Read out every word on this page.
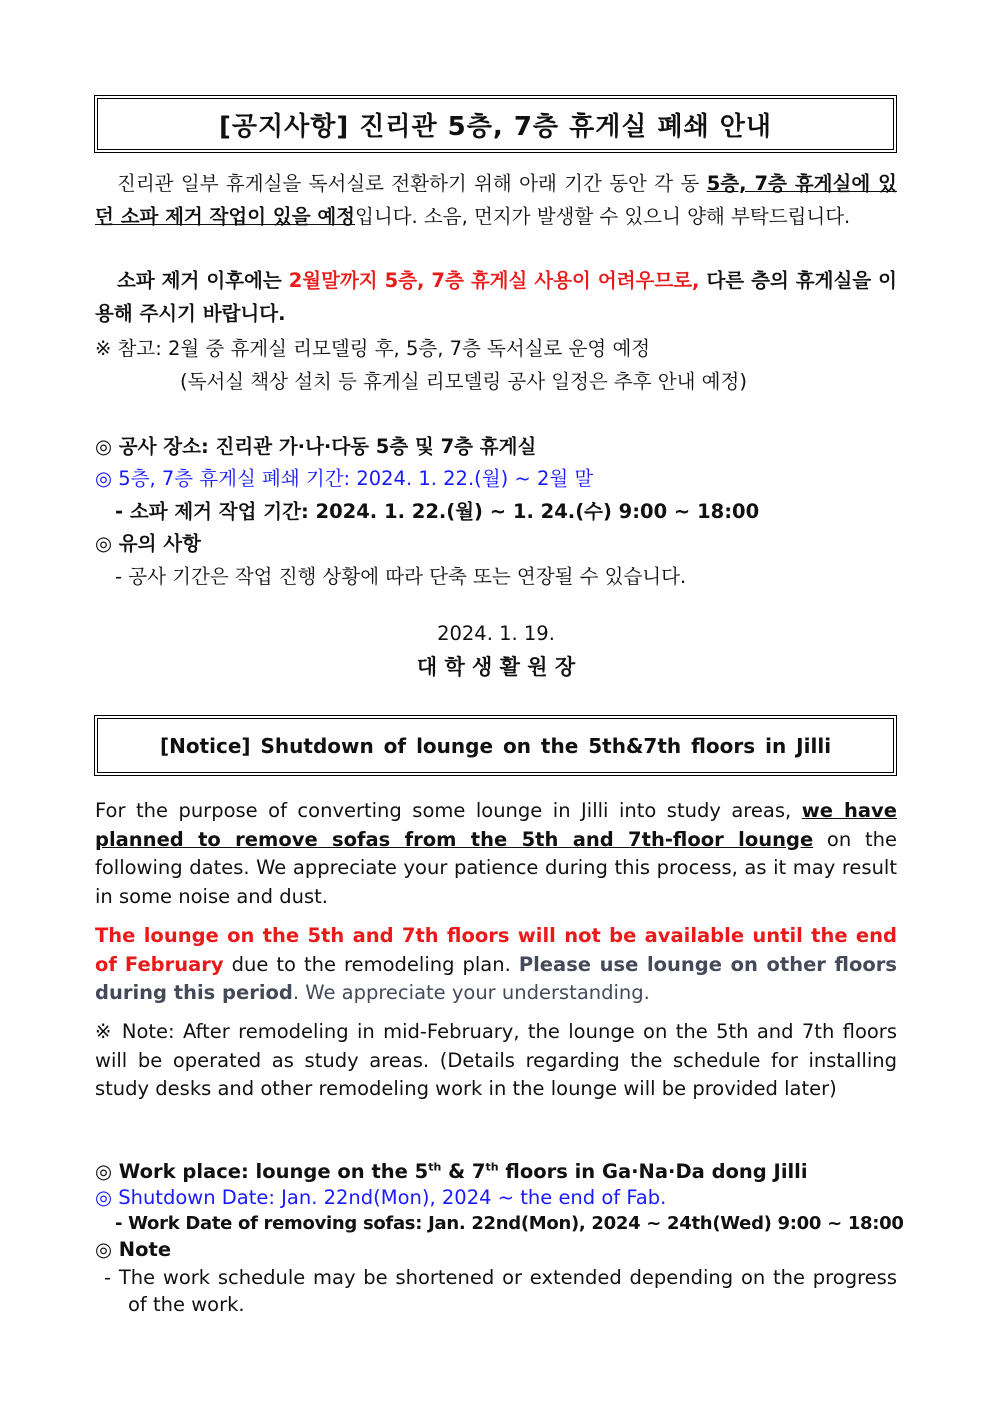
[공지사항] 진리관 5층, 7층 휴게실 폐쇄 안내

진리관 일부 휴게실을 독서실로 전환하기 위해 아래 기간 동안 각 동 5층, 7층 휴게실에 있던 소파 제거 작업이 있을 예정입니다. 소음, 먼지가 발생할 수 있으니 양해 부탁드립니다.

소파 제거 이후에는 2월말까지 5층, 7층 휴게실 사용이 어려우므로, 다른 층의 휴게실을 이용해 주시기 바랍니다.

※ 참고: 2월 중 휴게실 리모델링 후, 5층, 7층 독서실로 운영 예정
(독서실 책상 설치 등 휴게실 리모델링 공사 일정은 추후 안내 예정)
◎ 공사 장소: 진리관 가·나·다동 5층 및 7층 휴게실
◎ 5층, 7층 휴게실 폐쇄 기간: 2024. 1. 22.(월) ~ 2월 말
- 소파 제거 작업 기간: 2024. 1. 22.(월) ~ 1. 24.(수) 9:00 ~ 18:00
◎ 유의 사항
- 공사 기간은 작업 진행 상황에 따라 단축 또는 연장될 수 있습니다.
2024. 1. 19.
대 학 생 활 원 장
[Notice] Shutdown of lounge on the 5th&7th floors in Jilli

For the purpose of converting some lounge in Jilli into study areas, we have planned to remove sofas from the 5th and 7th-floor lounge on the following dates. We appreciate your patience during this process, as it may result in some noise and dust.

The lounge on the 5th and 7th floors will not be available until the end of February due to the remodeling plan. Please use lounge on other floors during this period. We appreciate your understanding.

※ Note: After remodeling in mid-February, the lounge on the 5th and 7th floors will be operated as study areas. (Details regarding the schedule for installing study desks and other remodeling work in the lounge will be provided later)

◎ Work place: lounge on the 5th & 7th floors in Ga·Na·Da dong Jilli
◎ Shutdown Date: Jan. 22nd(Mon), 2024 ~ the end of Fab.
- Work Date of removing sofas: Jan. 22nd(Mon), 2024 ~ 24th(Wed) 9:00 ~ 18:00
◎ Note

- The work schedule may be shortened or extended depending on the progress of the work.
